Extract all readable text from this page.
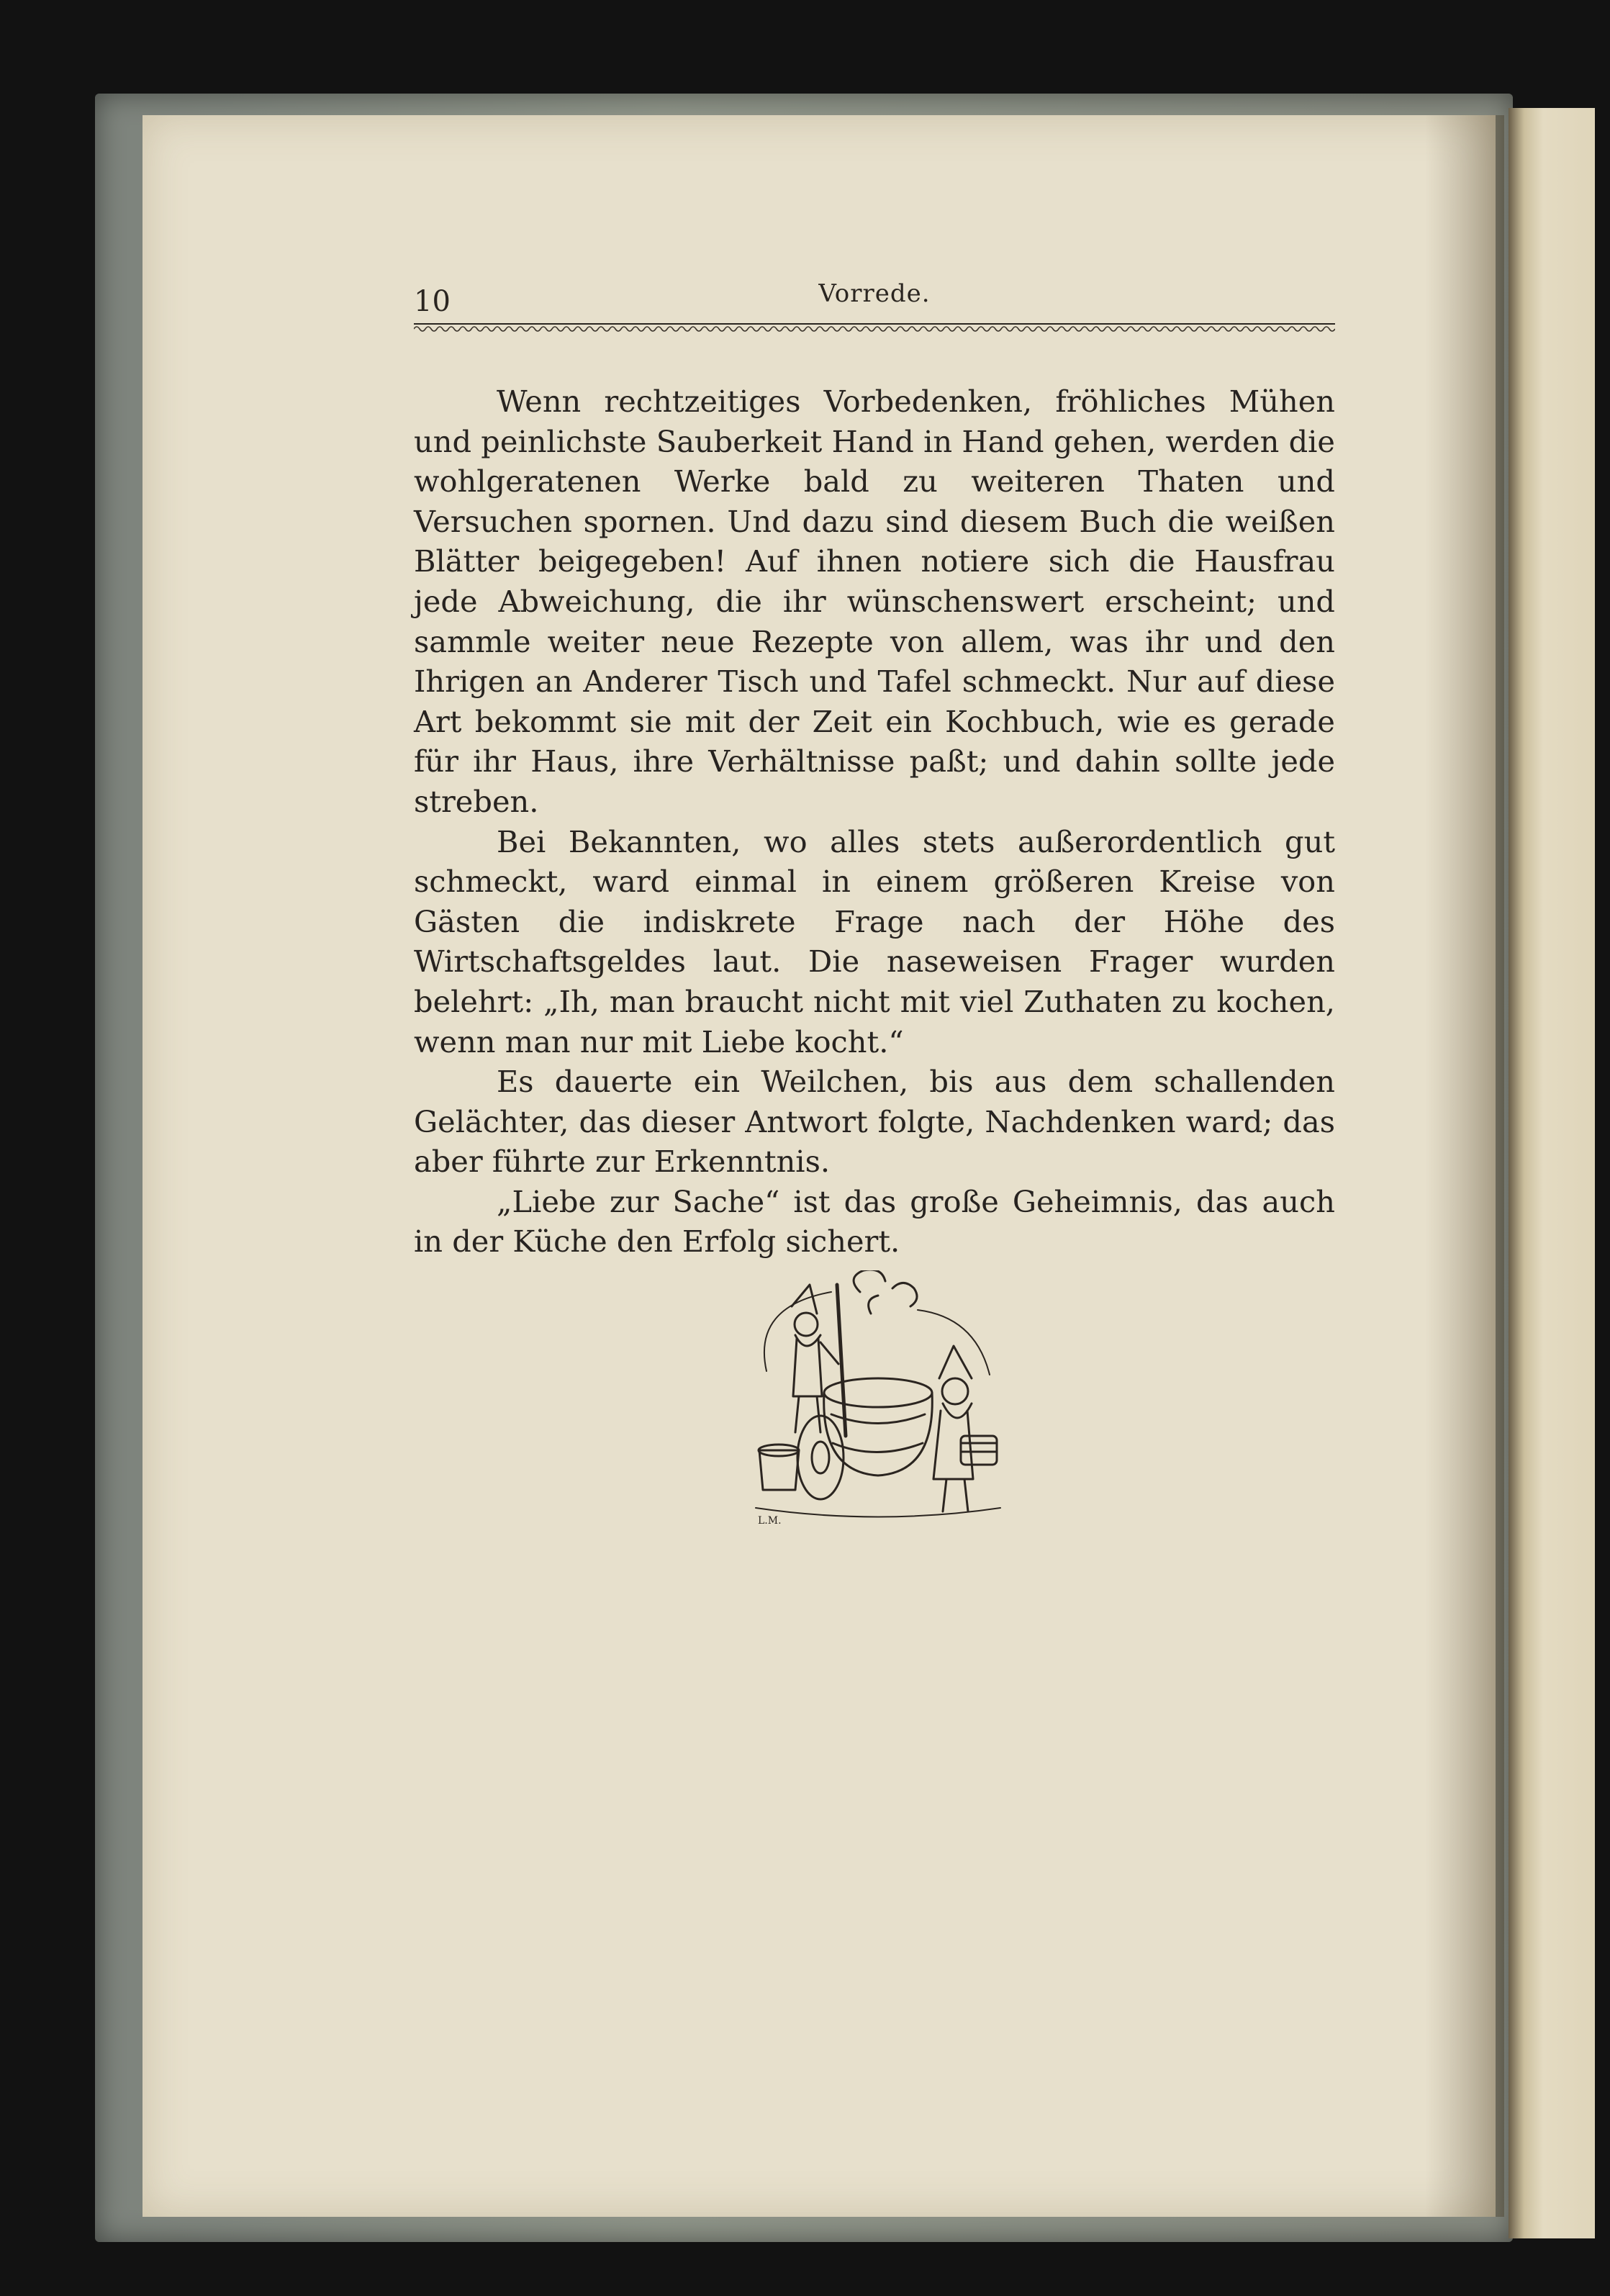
10	Vorrede.

Wenn rechtzeitiges Vorbedenken, fröhliches Mühen und peinlichste Sauberkeit Hand in Hand gehen, werden die wohlgeratenen Werke bald zu weiteren Thaten und Versuchen spornen. Und dazu sind diesem Buch die weißen Blätter beigegeben! Auf ihnen notiere sich die Hausfrau jede Abweichung, die ihr wünschenswert erscheint; und sammle weiter neue Rezepte von allem, was ihr und den Ihrigen an Anderer Tisch und Tafel schmeckt. Nur auf diese Art bekommt sie mit der Zeit ein Kochbuch, wie es gerade für ihr Haus, ihre Verhältnisse paßt; und dahin sollte jede streben.

Bei Bekannten, wo alles stets außerordentlich gut schmeckt, ward einmal in einem größeren Kreise von Gästen die indiskrete Frage nach der Höhe des Wirtschaftsgeldes laut. Die naseweisen Frager wurden belehrt: „Ih, man braucht nicht mit viel Zuthaten zu kochen, wenn man nur mit Liebe kocht.“

Es dauerte ein Weilchen, bis aus dem schallenden Gelächter, das dieser Antwort folgte, Nachdenken ward; das aber führte zur Erkenntnis.

„Liebe zur Sache“ ist das große Geheimnis, das auch in der Küche den Erfolg sichert.

L.M.
